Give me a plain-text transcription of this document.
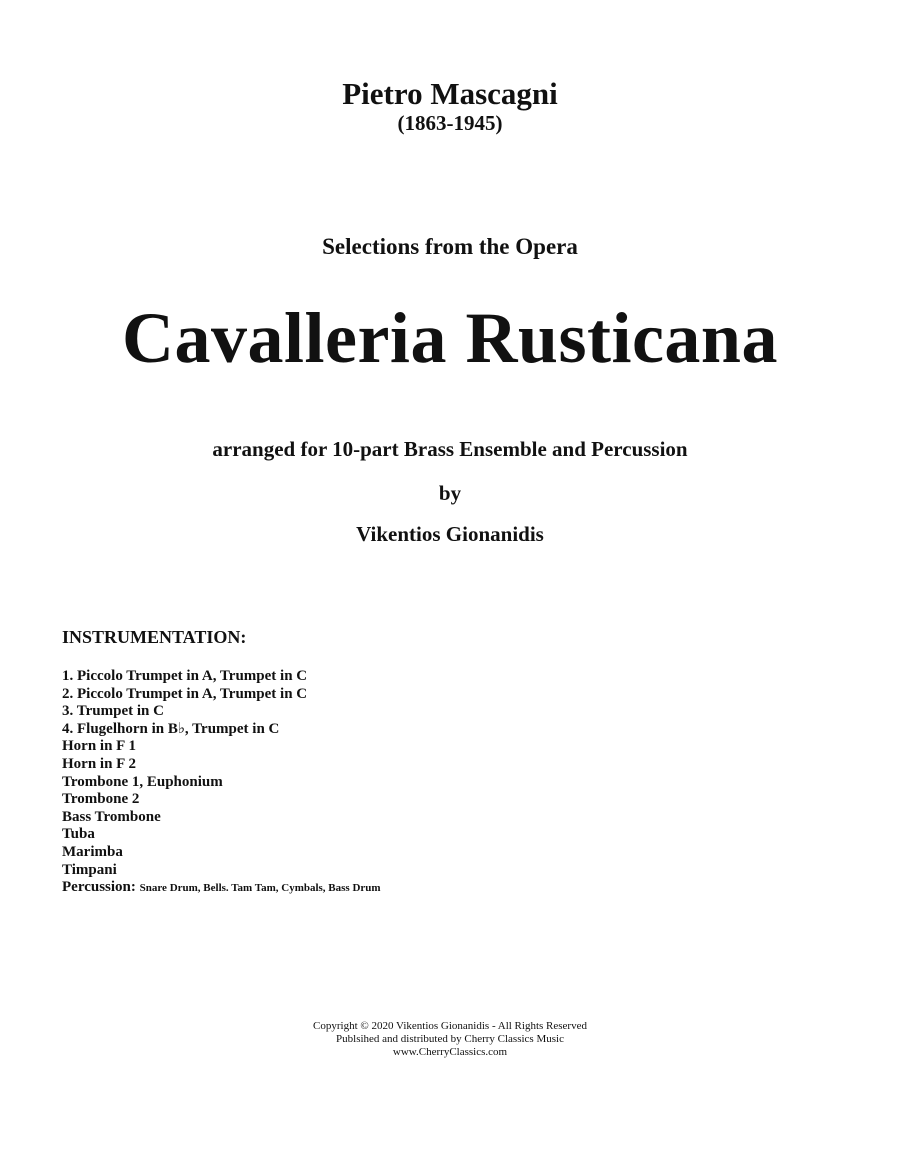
Pietro Mascagni
(1863-1945)
Selections from the Opera
Cavalleria Rusticana
arranged for 10-part Brass Ensemble and Percussion
by
Vikentios Gionanidis
INSTRUMENTATION:
1. Piccolo Trumpet in A, Trumpet in C
2. Piccolo Trumpet in A, Trumpet in C
3. Trumpet in C
4. Flugelhorn in B♭, Trumpet in C
Horn in F 1
Horn in F 2
Trombone 1, Euphonium
Trombone 2
Bass Trombone
Tuba
Marimba
Timpani
Percussion: Snare Drum, Bells. Tam Tam, Cymbals, Bass Drum
Copyright © 2020 Vikentios Gionanidis - All Rights Reserved
Publsihed and distributed by Cherry Classics Music
www.CherryClassics.com
